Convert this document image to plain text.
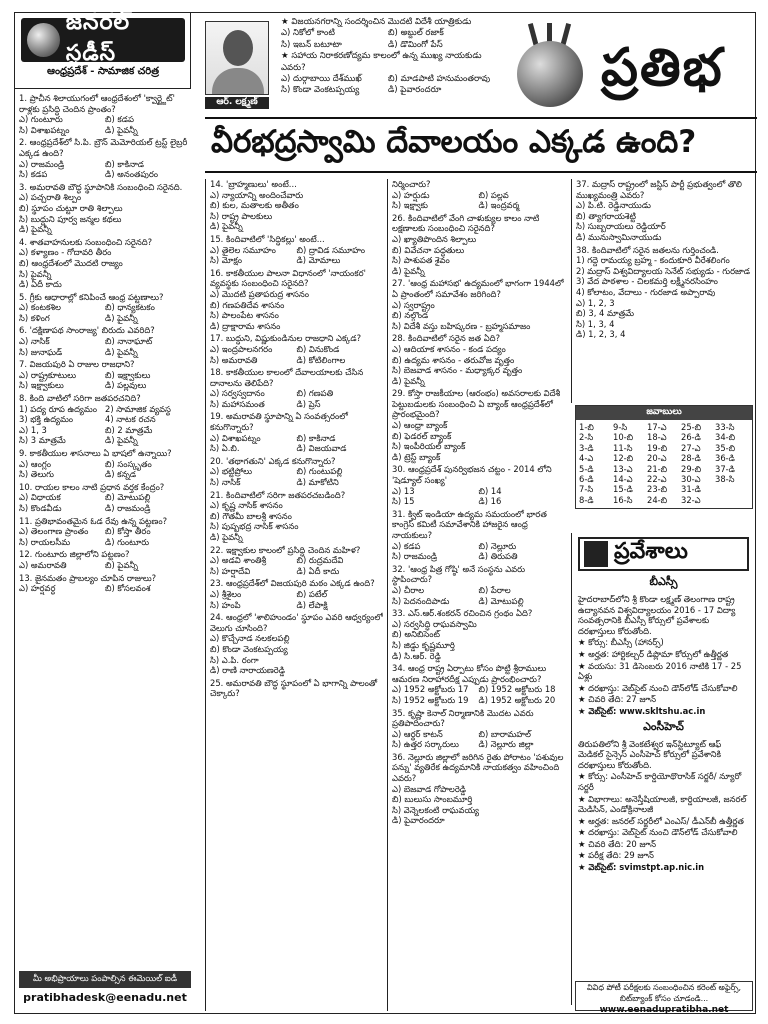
జనరల్ స్టడీస్
ఆంధ్రప్రదేశ్ - సామాజిక చరిత్ర
ఆర్. లక్ష్మణ్
★ విజయనగరాన్ని సందర్శించిన మొదటి విదేశీ యాత్రికుడు
ఎ) నికోలో కాంటి	బి) అబ్దుల్ రజాక్
సి) ఇబన్ బటూటా	డి) డొమింగో పేస్
★ సహాయ నిరాకరణోద్యమ కాలంలో ఉన్న ముఖ్య నాయకుడు ఎవరు?
ఎ) దుర్గాబాయి దేశ్‌ముఖ్	బి) మాడపాటి హనుమంతరావు
సి) కొండా వెంకటప్పయ్య	డి) పైవారందరూ	ప్రతిభ
వీరభద్రస్వామి దేవాలయం ఎక్కడ ఉంది?
1. ప్రాచీన శిలాయుగంలో ఆంధ్రదేశంలో 'క్వార్ట్జైట్' రాళ్లకు ప్రసిద్ధి చెందిన ప్రాంతం?
ఎ) గుంటూరు	బి) కడప
సి) విశాఖపట్నం	డి) పైవన్నీ
2. ఆంధ్రప్రదేశ్‌లో సి.పి. బ్రౌన్ మెమోరియల్ ట్రస్ట్ లైబ్రరీ ఎక్కడ ఉంది?
ఎ) రాజమండ్రి	బి) కాకినాడ
సి) కడప	డి) అనంతపురం
3. అమరావతి బౌద్ధ స్థూపానికి సంబంధించి సరైనది.
ఎ) పచ్చరాతి శిల్పం
బి) స్థూపం చుట్టూ రాతి శిల్పాలు
సి) బుద్ధుని పూర్వ జన్మల కథలు
డి) పైవన్నీ
4. శాతవాహనులకు సంబంధించి సరైనది?
ఎ) కళ్యాణం - గోదావరి తీరం
బి) ఆంధ్రదేశంలో మొదటి రాజ్యం
సి) పైవన్నీ
డి) ఏదీ కాదు
5. గ్రీకు ఆధారాల్లో కనిపించే ఆంధ్ర పట్టణాలు?
ఎ) కంటకశిల	బి) ధాన్యకటకం
సి) కళింగ	డి) పైవన్నీ
6. 'దక్షిణాపథ సాంరాజ్య' బిరుదు ఎవరిది?
ఎ) నాసిక్	బి) నానాఘాట్
సి) జునాఘడ్	డి) పైవన్నీ
7. విజయపురి ఏ రాజుల రాజధాని?
ఎ) రాష్ట్రకూటులు	బి) ఇక్ష్వాకులు
సి) ఇక్ష్వాకులు	డి) పల్లవులు
8. కింది వాటిలో సరిగా జతపరచనిది?
1) పద్య రూప ఉద్యమం 2) సామాజిక వ్యవస్థ
3) భక్తి ఉద్యమం	4) నాటక రచన
ఎ) 1, 3	బి) 2 మాత్రమే
సి) 3 మాత్రమే	డి) పైవన్నీ
9. కాకతీయుల శాసనాలు ఏ భాషలో ఉన్నాయి?
ఎ) ఆంగ్లం	బి) సంస్కృతం
సి) తెలుగు	డి) కన్నడ
10. రాయల కాలం నాటి ప్రధాన వర్తక కేంద్రం?
ఎ) విధాయక	బి) మోటుపల్లి
సి) కొండవీడు	డి) రాజమండ్రి
11. ప్రతిభావంతమైన ఓడ రేవు ఉన్న పట్టణం?
ఎ) తెలంగాణ ప్రాంతం	బి) కోస్తా తీరం
సి) రాయలసీమ	డి) గుంటూరు
12. గుంటూరు జిల్లాలోని పట్టణం?
ఎ) అమరావతి	బి) పైవన్నీ
13. జైనమతం ప్రాబల్యం చూపిన రాజులు?
ఎ) హర్షవర్ధ	బి) కోసలవంశ
14. 'బ్రాహ్మణులు' అంటే...
ఎ) న్యాయాన్ని అందించేవారు
బి) కుల, మతాలకు అతీతం
సి) రాష్ట్ర పాలకులు
డి) పైవన్నీ
15. కిందివాటిలో 'సిద్ధికల్లు' అంటే...
ఎ) తైలెల సమూహం	బి) ద్రావిడ సమూహం
సి) మోక్షం	డి) మోమాలు
16. కాకతీయుల పాలనా విధానంలో 'నాయంకర' వ్యవస్థకు సంబంధించి సరైనది?
ఎ) మొదటి ప్రతాపరుద్ర శాసనం
బి) గణపతిదేవ శాసనం
సి) పాలంపేట శాసనం
డి) ద్రాక్షారామ శాసనం
17. బుద్ధుని, విష్ణుకుండినుల రాజధాని ఎక్కడ?
ఎ) ఇంద్రపాలనగరం	బి) వినుకొండ
సి) అమరావతి	డి) కోటిలింగాల
18. కాకతీయుల కాలంలో దేవాలయాలకు చేసిన దానాలను తెలిపేది?
ఎ) సర్వస్వదానం	బి) గణపతి
సి) మహాసమంత	డి) ప్రెస్
19. అమరావతి స్థూపాన్ని ఏ సంవత్సరంలో కనుగొన్నారు?
ఎ) విశాఖపట్నం	బి) కాకినాడ
సి) ఏ.బి.	డి) విజయవాడ
20. 'తథాగతుని' ఎక్కడ కనుగొన్నారు?
ఎ) భట్టిప్రోలు	బి) గుంటుపల్లి
సి) నాసిక్	డి) మాకోటిని
21. కిందివాటిలో సరిగా జతపరచబడింది?
ఎ) కృష్ణ నాసిక్ శాసనం
బి) గౌతమీ బాలశ్రీ శాసనం
సి) పుష్పభద్ర నాసిక్ శాసనం
డి) పైవన్నీ
22. ఇక్ష్వాకుల కాలంలో ప్రసిద్ధి చెందిన మహిళ?
ఎ) అడవి శాంతిశ్రీ	బి) రుద్రమదేవి
సి) హర్షాదేవి	డి) ఏదీ కాదు
23. ఆంధ్రప్రదేశ్‌లో విజయపురి మఠం ఎక్కడ ఉంది?
ఎ) శ్రీశైలం	బి) పటేల్
సి) హంపి	డి) లేపాక్షి
24. ఆంధ్రలో 'శాలిహుండం' స్థూపం ఎవరి ఆధ్వర్యంలో వెలుగు చూసింది?
ఎ) కొచ్చేనాడ నలకలపల్లి
బి) కొండా వెంకటప్పయ్య
సి) ఎ.పి. రంగా
డి) రాణి నారాయణరెడ్డి
25. అమరావతి బౌద్ధ స్థూపంలో ఏ భాగాన్ని పాలంతో చెక్కారు?
నిర్మించారు?
ఎ) హర్షుడు	బి) పల్లవ
సి) ఇక్ష్వాకు	డి) ఇంద్రవర్మ
26. కిందివాటిలో వేంగి చాళుక్యుల కాలం నాటి లక్షణాలకు సంబంధించి సరైనది?
ఎ) ఖ్యాతిపొందిన శిల్పాలు
బి) వివేచనా పద్ధతులు
సి) పాశుపత శైవం
డి) పైవన్నీ
27. 'ఆంధ్ర మహాసభ' ఉద్యమంలో భాగంగా 1944లో ఏ ప్రాంతంలో సమావేశం జరిగింది?
ఎ) స్వరాష్ట్రం
బి) నల్గొండ
సి) విదేశీ వస్తు బహిష్కరణ - బ్రహ్మసమాజం
28. కిందివాటిలో సరైన జత ఏది?
ఎ) ఆదియాక శాసనం - కండ పద్యం
బి) ఉద్యమ శాసనం - తరువోజ వృత్తం
సి) బెజవాడ శాసనం - మధ్యాక్కర వృత్తం
డి) పైవన్నీ
29. కోస్తా రాజకీయాల (ఆరంభం) అవసరాలకు విదేశీ పెట్టుబడులకు సంబంధించి ఏ బ్యాంక్ ఆంధ్రప్రదేశ్‌లో ప్రారంభమైంది?
ఎ) ఆంధ్రా బ్యాంక్
బి) ఫెడరల్ బ్యాంక్
సి) ఇంపీరియల్ బ్యాంక్
డి) ట్రెస్ట్ బ్యాంక్
30. ఆంధ్రప్రదేశ్ పునర్విభజన చట్టం - 2014 లోని 'షెడ్యూల్ సంఖ్య'
ఎ) 13	బి) 14
సి) 15	డి) 16
31. క్విట్ ఇండియా ఉద్యమ సమయంలో భారత కాంగ్రెస్ కమిటీ సమావేశానికి హాజరైన ఆంధ్ర నాయకులు?
ఎ) కడప	బి) నెల్లూరు
సి) రాజమండ్రి	డి) తిరుపతి
32. 'ఆంధ్ర పిత్ర గోష్ఠి' అనే సంస్థను ఎవరు స్థాపించారు?
ఎ) చీరాల	బి) పేరాల
సి) పెదనందిపాడు	డి) మోటుపల్లి
33. ఎస్.ఆర్.శంకరన్ రచించిన గ్రంథం ఏది?
ఎ) సర్వసిద్ధి రాఘవస్వామి
బి) అనిబిసెంట్
సి) జిడ్డు కృష్ణమూర్తి
డి) సి.ఆర్. రెడ్డి
34. ఆంధ్ర రాష్ట్ర ఏర్పాటు కోసం పొట్టి శ్రీరాములు ఆమరణ నిరాహారదీక్ష ఎప్పుడు ప్రారంభించారు?
ఎ) 1952 అక్టోబరు 17	బి) 1952 అక్టోబరు 18
సి) 1952 అక్టోబరు 19	డి) 1952 అక్టోబరు 20
35. కృష్ణా కెనాల్ నిర్మాణానికి మొదట ఎవరు ప్రతిపాదించారు?
ఎ) ఆర్థర్ కాటన్	బి) బారామహల్
సి) ఉత్తర సర్కారులు	డి) నెల్లూరు జిల్లా
36. నెల్లూరు జిల్లాలో జరిగిన రైతు పోరాటం 'పశువుల పన్ను' వ్యతిరేక ఉద్యమానికి నాయకత్వం వహించింది ఎవరు?
ఎ) బెజవాడ గోపాలరెడ్డి
బి) బులుసు సాంబమూర్తి
సి) వెన్నెలకంటి రాఘవయ్య
డి) పైవారందరూ
37. మద్రాస్ రాష్ట్రంలో జస్టిస్ పార్టీ ప్రభుత్వంలో తొలి ముఖ్యమంత్రి ఎవరు?
ఎ) పి.టి. రెడ్డినాయుడు
బి) త్యాగరాయశెట్టి
సి) సుబ్బరాయలు రెడ్డియార్
డి) మునుస్వామినాయుడు
38. కిందివాటిలో సరైన జతలను గుర్తించండి.
1) గద్దె రామయ్య బ్రహ్మ - కందుకూరి వీరేశలింగం
2) మద్రాస్ విశ్వవిద్యాలయ సెనేట్ సభ్యుడు - గురజాడ
3) వేద పాఠశాల - చిలకమర్తి లక్ష్మీనరసింహం
4) కోలాటం, వేదాలు - గురజాడ అప్పారావు
ఎ) 1, 2, 3
బి) 3, 4 మాత్రమే
సి) 1, 3, 4
డి) 1, 2, 3, 4
జవాబులు
1-బి	9-సి	17-ఎ	25-బి	33-సి
2-సి	10-బి	18-ఎ	26-డి	34-బి
3-డి	11-సి	19-బి	27-ఎ	35-బి
4-ఎ	12-బి	20-ఎ	28-డి	36-డి
5-డి	13-ఎ	21-బి	29-బి	37-డి
6-డి	14-ఎ	22-ఎ	30-ఎ	38-సి
7-సి	15-డి	23-బి	31-డి
8-డి	16-సి	24-బి	32-ఎ
ప్రవేశాలు
బీఎస్సీ
హైదరాబాద్‌లోని శ్రీ కొండా లక్ష్మణ్ తెలంగాణ రాష్ట్ర ఉద్యానవన విశ్వవిద్యాలయం 2016 - 17 విద్యా సంవత్సరానికి బీఎస్సీ కోర్సులో ప్రవేశాలకు దరఖాస్తులు కోరుతోంది.
★ కోర్సు: బీఎస్సీ (హానర్స్)
★ అర్హత: హార్టికల్చర్ డిప్లొమా కోర్సులో ఉత్తీర్ణత
★ వయసు: 31 డిసెంబరు 2016 నాటికి 17 - 25 ఏళ్లు
★ దరఖాస్తు: వెబ్‌సైట్ నుంచి డౌన్‌లోడ్ చేసుకోవాలి
★ చివరి తేది: 27 జూన్
★ వెబ్‌సైట్: www.skltshu.ac.in
ఎంసీహెచ్
తిరుపతిలోని శ్రీ వెంకటేశ్వర ఇన్‌స్టిట్యూట్ ఆఫ్ మెడికల్ సైన్సెస్ ఎంసీహెచ్ కోర్సులో ప్రవేశానికి దరఖాస్తులు కోరుతోంది.
★ కోర్సు: ఎంసీహెచ్ కార్డియోథొరాసిక్ సర్జరీ/ న్యూరో సర్జరీ
★ విభాగాలు: అనెస్తీషియాలజీ, కార్డియాలజీ, జనరల్ మెడిసిన్, ఎండోక్రినాలజీ
★ అర్హత: జనరల్ సర్జరీలో ఎంఎస్/ డీఎన్‌బీ ఉత్తీర్ణత
★ దరఖాస్తు: వెబ్‌సైట్ నుంచి డౌన్‌లోడ్ చేసుకోవాలి
★ చివరి తేది: 20 జూన్
★ పరీక్ష తేది: 29 జూన్
★ వెబ్‌సైట్: svimstpt.ap.nic.in
మీ అభిప్రాయాలు పంపాల్సిన ఈమెయిల్ ఐడీ
pratibhadesk@eenadu.net
వివిధ పోటీ పరీక్షలకు సంబంధించిన కరెంట్ అఫైర్స్, బిట్‌బ్యాంక్ కోసం చూడండి...
www.eenadupratibha.net
